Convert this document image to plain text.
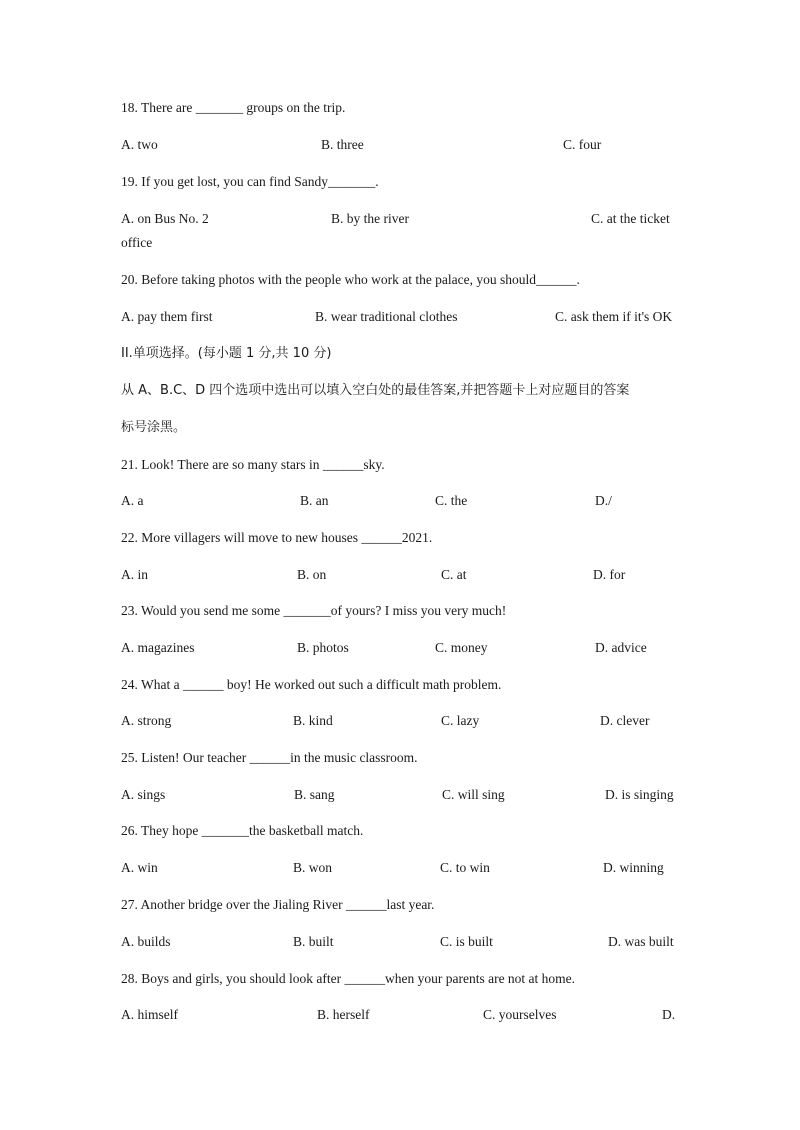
18. There are _______ groups on the trip.
A. two	B. three	C. four
19. If you get lost, you can find Sandy_______.
A. on Bus No. 2	B. by the river	C. at the ticket
office
20. Before taking photos with the people who work at the palace, you should______.
A. pay them first	B. wear traditional clothes	C. ask them if it's OK
II.单项选择。(每小题 1 分,共 10 分)
从 A、B.C、D 四个选项中选出可以填入空白处的最佳答案,并把答题卡上对应题目的答案
标号涂黑。
21. Look! There are so many stars in ______sky.
A. a	B. an	C. the	D./
22. More villagers will move to new houses ______2021.
A. in	B. on	C. at	D. for
23. Would you send me some _______of yours? I miss you very much!
A. magazines	B. photos	C. money	D. advice
24. What a ______ boy! He worked out such a difficult math problem.
A. strong	B. kind	C. lazy	D. clever
25. Listen! Our teacher ______in the music classroom.
A. sings	B. sang	C. will sing	D. is singing
26. They hope _______the basketball match.
A. win	B. won	C. to win	D. winning
27. Another bridge over the Jialing River ______last year.
A. builds	B. built	C. is built	D. was built
28. Boys and girls, you should look after ______when your parents are not at home.
A. himself	B. herself	C. yourselves	D.
